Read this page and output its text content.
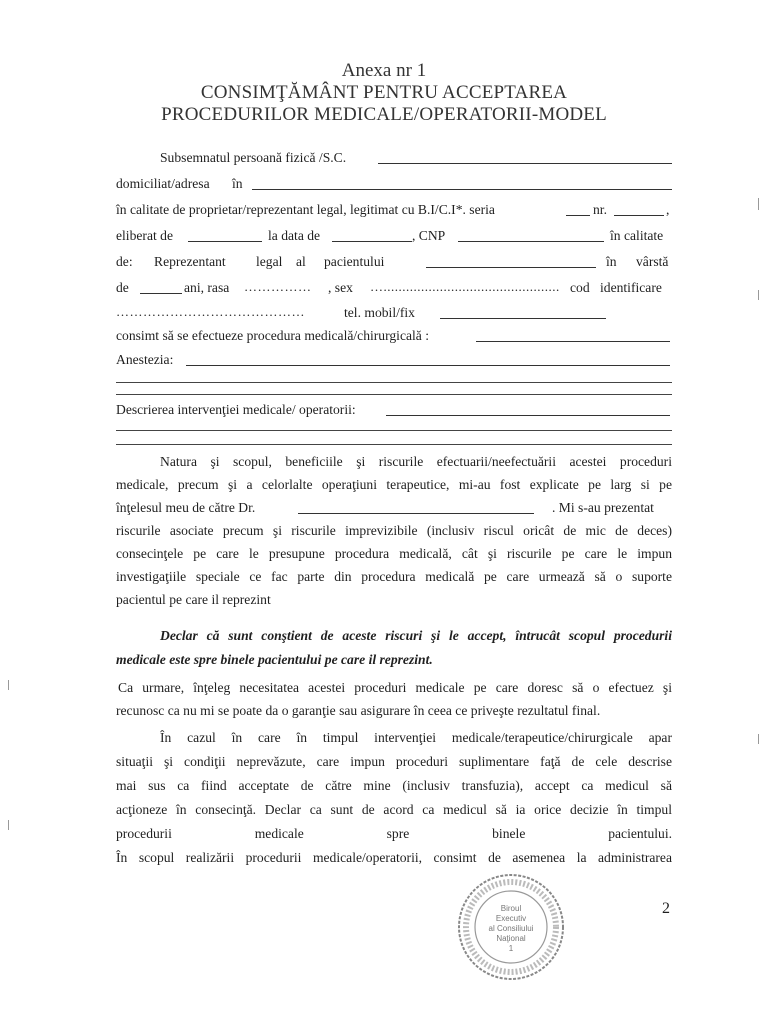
Anexa nr 1
CONSIMŢĂMÂNT PENTRU ACCEPTAREA
PROCEDURILOR MEDICALE/OPERATORII-MODEL
Subsemnatul persoană fizică /S.C.
domiciliat/adresa în
în calitate de proprietar/reprezentant legal, legitimat cu B.I/C.I*. seria	nr.	,
eliberat de	la data de	, CNP	în calitate
de: Reprezentant legal al pacientului	în vârstă
de	ani, rasa …………… , sex …............................................... cod identificare
……………………………………	tel. mobil/fix
consimt să se efectueze procedura medicală/chirurgicală :
Anestezia:
Descrierea intervenţiei medicale/ operatorii:
Natura şi scopul, beneficiile şi riscurile efectuarii/neefectuării acestei proceduri
medicale, precum şi a celorlalte operaţiuni terapeutice, mi-au fost explicate pe larg si pe
înţelesul meu de către Dr.	. Mi s-au prezentat
riscurile asociate precum şi riscurile imprevizibile (inclusiv riscul oricât de mic de deces)
consecinţele pe care le presupune procedura medicală, cât şi riscurile pe care le impun
investigaţiile speciale ce fac parte din procedura medicală pe care urmează să o suporte
pacientul pe care il reprezint
Declar că sunt conştient de aceste riscuri şi le accept, întrucât scopul procedurii
medicale este spre binele pacientului pe care il reprezint.
Ca urmare, înţeleg necesitatea acestei proceduri medicale pe care doresc să o efectuez şi
recunosc ca nu mi se poate da o garanţie sau asigurare în ceea ce priveşte rezultatul final.
În cazul în care în timpul intervenţiei medicale/terapeutice/chirurgicale apar
situaţii şi condiţii neprevăzute, care impun proceduri suplimentare faţă de cele descrise
mai sus ca fiind acceptate de către mine (inclusiv transfuzia), accept ca medicul să
acţioneze în consecinţă. Declar ca sunt de acord ca medicul să ia orice decizie în timpul
procedurii medicale spre binele pacientului.
În scopul realizării procedurii medicale/operatorii, consimt de asemenea la administrarea
2
Biroul
Executiv
al Consiliului
Naţional
1
